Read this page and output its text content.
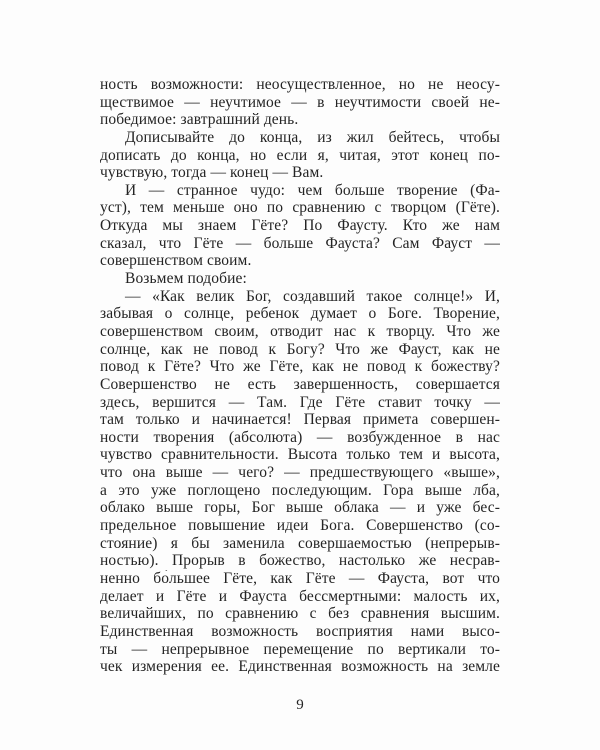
ность возможности: неосуществленное, но не неосу-
ществимое — неучтимое — в неучтимости своей не-
победимое: завтрашний день.
Дописывайте до конца, из жил бейтесь, чтобы
дописать до конца, но если я, читая, этот конец по-
чувствую, тогда — конец — Вам.
И — странное чудо: чем больше творение (Фа-
уст), тем меньше оно по сравнению с творцом (Гёте).
Откуда мы знаем Гёте? По Фаусту. Кто же нам
сказал, что Гёте — больше Фауста? Сам Фауст —
совершенством своим.
Возьмем подобие:
— «Как велик Бог, создавший такое солнце!» И,
забывая о солнце, ребенок думает о Боге. Творение,
совершенством своим, отводит нас к творцу. Что же
солнце, как не повод к Богу? Что же Фауст, как не
повод к Гёте? Что же Гёте, как не повод к божеству?
Совершенство не есть завершенность, совершается
здесь, вершится — Там. Где Гёте ставит точку —
там только и начинается! Первая примета совершен-
ности творения (абсолюта) — возбужденное в нас
чувство сравнительности. Высота только тем и высота,
что она выше — чего? — предшествующего «выше»,
а это уже поглощено последующим. Гора выше лба,
облако выше горы, Бог выше облака — и уже бес-
предельное повышение идеи Бога. Совершенство (со-
стояние) я бы заменила совершаемостью (непрерыв-
ностью). Прорыв в божество, настолько же несрав-
ненно бо́льшее Гёте, как Гёте — Фауста, вот что
делает и Гёте и Фауста бессмертными: малость их,
величайших, по сравнению с без сравнения высшим.
Единственная возможность восприятия нами высо-
ты — непрерывное перемещение по вертикали то-
чек измерения ее. Единственная возможность на земле
9
